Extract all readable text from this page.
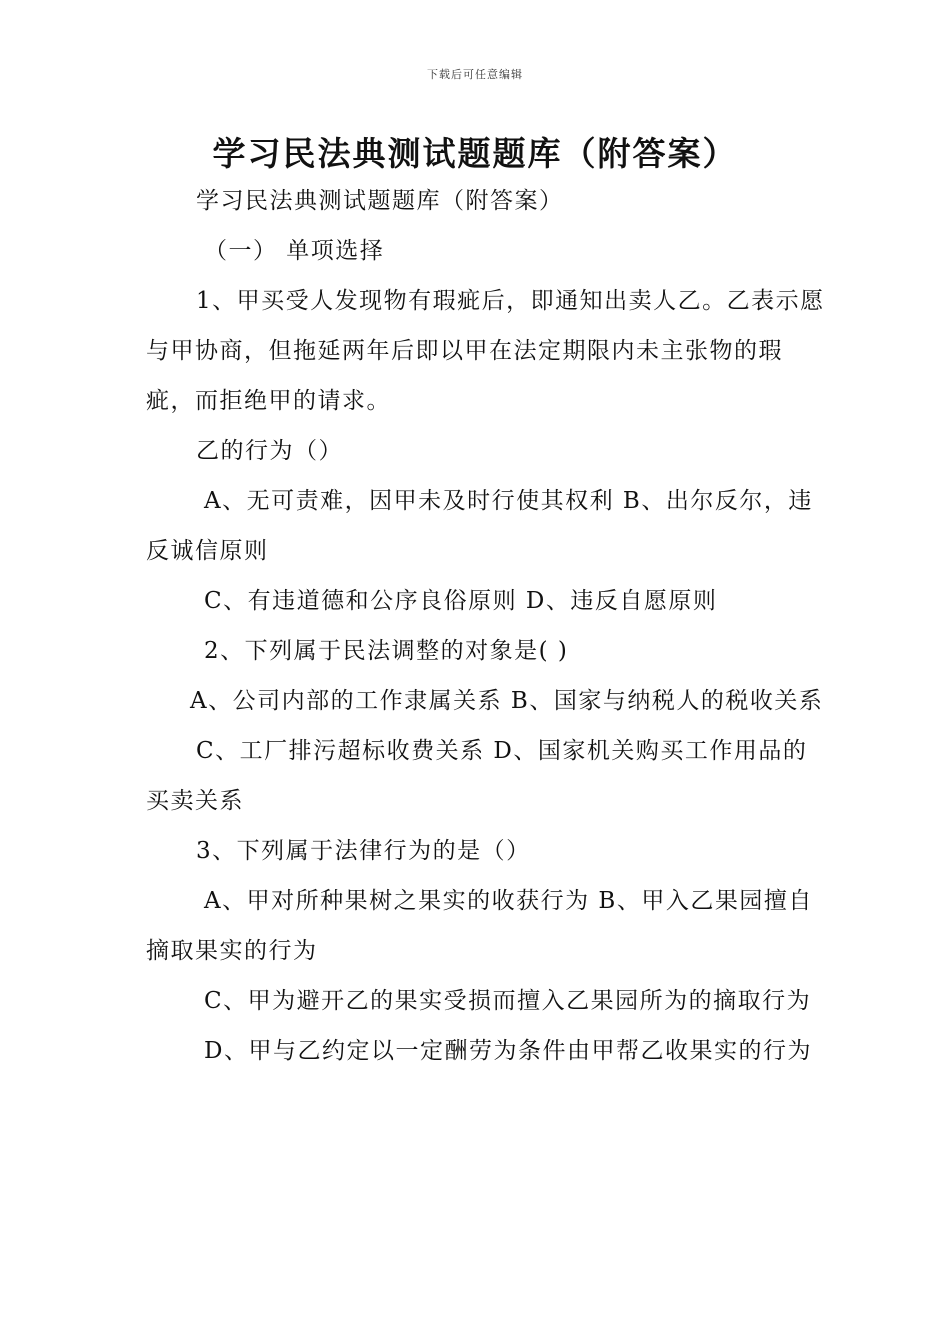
下载后可任意编辑
学习民法典测试题题库（附答案）

学习民法典测试题题库（附答案）

（一） 单项选择

1、甲买受人发现物有瑕疵后，即通知出卖人乙。乙表示愿与甲协商，但拖延两年后即以甲在法定期限内未主张物的瑕疵，而拒绝甲的请求。

乙的行为（）

A、无可责难，因甲未及时行使其权利 B、出尔反尔，违反诚信原则

C、有违道德和公序良俗原则 D、违反自愿原则

2、下列属于民法调整的对象是( )

A、公司内部的工作隶属关系 B、国家与纳税人的税收关系

C、工厂排污超标收费关系 D、国家机关购买工作用品的买卖关系

3、下列属于法律行为的是（）

A、甲对所种果树之果实的收获行为 B、甲入乙果园擅自摘取果实的行为

C、甲为避开乙的果实受损而擅入乙果园所为的摘取行为

D、甲与乙约定以一定酬劳为条件由甲帮乙收果实的行为
